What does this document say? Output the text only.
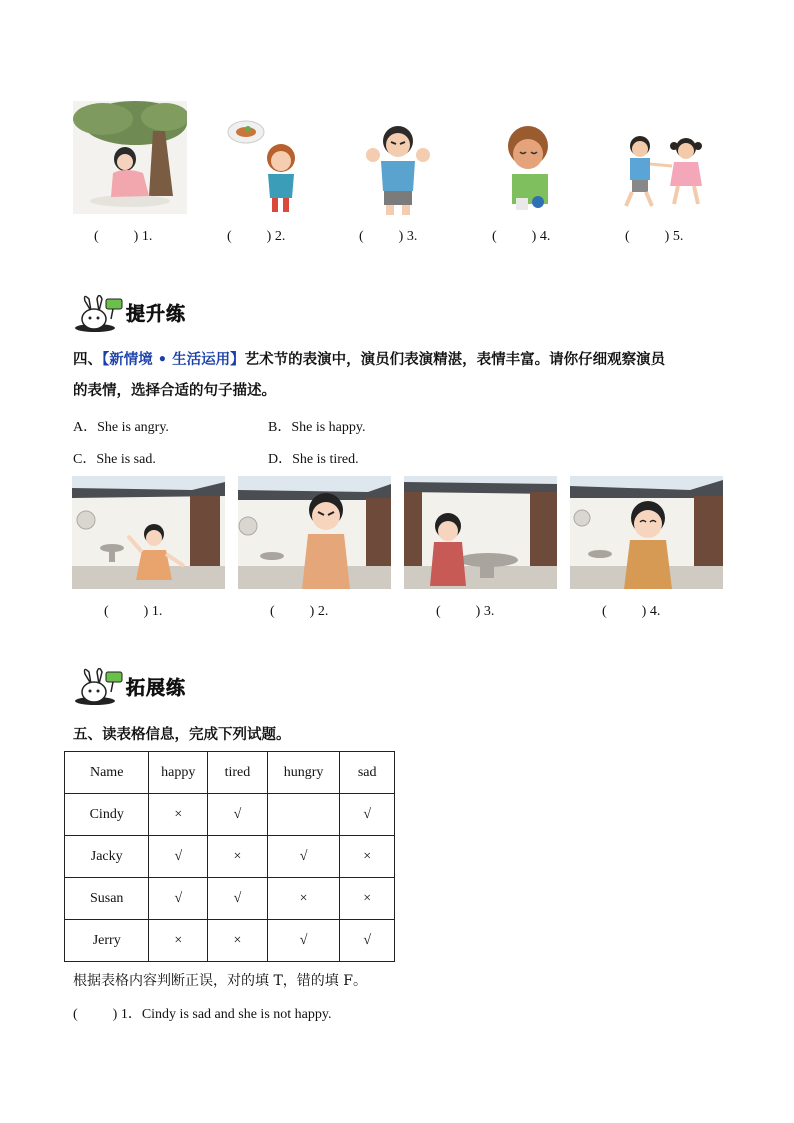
(          ) 1.	(          ) 2.	(          ) 3.	(          ) 4.	(          ) 5.
提升练
四、【新情境 • 生活运用】艺术节的表演中，演员们表演精湛，表情丰富。请你仔细观察演员
的表情，选择合适的句子描述。
A．She is angry.	B．She is happy.
C．She is sad.	D．She is tired.
(          ) 1.	(          ) 2.	(          ) 3.	(          ) 4.
拓展练
五、读表格信息，完成下列试题。
Name	happy	tired	hungry	sad
Cindy	×	√		√
Jacky	√	×	√	×
Susan	√	√	×	×
Jerry	×	×	√	√
根据表格内容判断正误，对的填 T，错的填 F。
(          ) 1．Cindy is sad and she is not happy.
